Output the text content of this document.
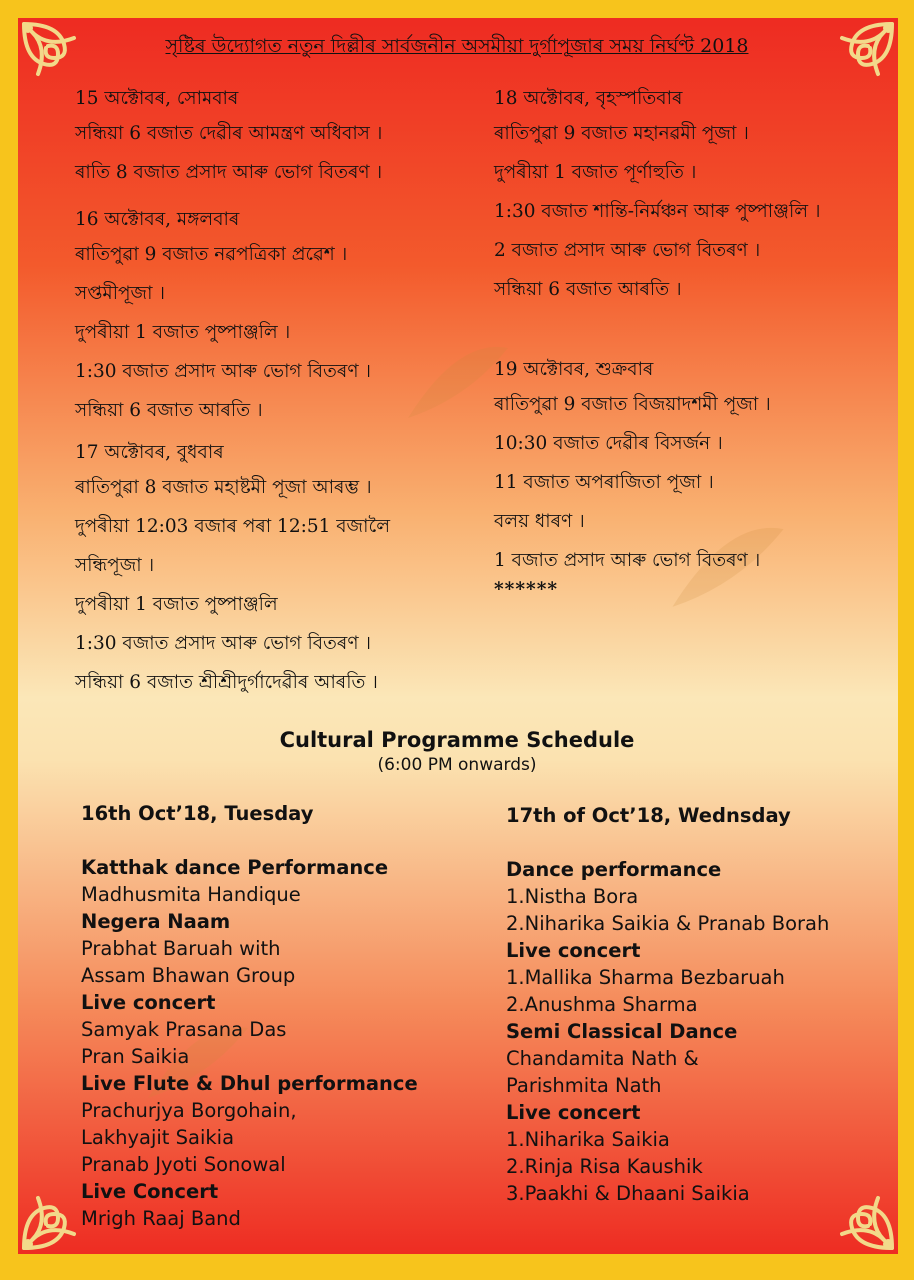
সৃষ্টিৰ উদ্যোগত নতুন দিল্লীৰ সাৰ্বজনীন অসমীয়া দুৰ্গাপূজাৰ সময় নিৰ্ঘণ্ট 2018
15 অক্টোবৰ, সোমবাৰ
সন্ধিয়া 6 বজাত দেৱীৰ আমন্ত্ৰণ অধিবাস ।
ৰাতি 8 বজাত প্ৰসাদ আৰু ভোগ বিতৰণ ।
16 অক্টোবৰ, মঙ্গলবাৰ
ৰাতিপুৱা 9 বজাত নৱপত্ৰিকা প্ৰৱেশ ।
সপ্তমীপূজা ।
দুপৰীয়া 1 বজাত পুষ্পাঞ্জলি ।
1:30 বজাত প্ৰসাদ আৰু ভোগ বিতৰণ ।
সন্ধিয়া 6 বজাত আৰতি ।
17 অক্টোবৰ, বুধবাৰ
ৰাতিপুৱা 8 বজাত মহাষ্টমী পূজা আৰম্ভ ।
দুপৰীয়া 12:03 বজাৰ পৰা 12:51 বজালৈ
সন্ধিপূজা ।
দুপৰীয়া 1 বজাত পুষ্পাঞ্জলি
1:30 বজাত প্ৰসাদ আৰু ভোগ বিতৰণ ।
সন্ধিয়া 6 বজাত শ্ৰীশ্ৰীদুৰ্গাদেৱীৰ আৰতি ।
18 অক্টোবৰ, বৃহস্পতিবাৰ
ৰাতিপুৱা 9 বজাত মহানৱমী পূজা ।
দুপৰীয়া 1 বজাত পূৰ্ণাহুতি ।
1:30 বজাত শান্তি-নিৰ্মঞ্চন আৰু পুষ্পাঞ্জলি ।
2 বজাত প্ৰসাদ আৰু ভোগ বিতৰণ ।
সন্ধিয়া 6 বজাত আৰতি ।
19 অক্টোবৰ, শুক্ৰবাৰ
ৰাতিপুৱা 9 বজাত বিজয়াদশমী পূজা ।
10:30 বজাত দেৱীৰ বিসৰ্জন ।
11 বজাত অপৰাজিতা পূজা ।
বলয় ধাৰণ ।
1 বজাত প্ৰসাদ আৰু ভোগ বিতৰণ ।
******
Cultural Programme Schedule
(6:00 PM onwards)
16th Oct’18, Tuesday
Katthak dance Performance
Madhusmita Handique
Negera Naam
Prabhat Baruah with
Assam Bhawan Group
Live concert
Samyak Prasana Das
Pran Saikia
Live Flute & Dhul performance
Prachurjya Borgohain,
Lakhyajit Saikia
Pranab Jyoti Sonowal
Live Concert
Mrigh Raaj Band
17th of Oct’18, Wednsday
Dance performance
1.Nistha Bora
2.Niharika Saikia & Pranab Borah
Live concert
1.Mallika Sharma Bezbaruah
2.Anushma Sharma
Semi Classical Dance
Chandamita Nath &
Parishmita Nath
Live concert
1.Niharika Saikia
2.Rinja Risa Kaushik
3.Paakhi & Dhaani Saikia
